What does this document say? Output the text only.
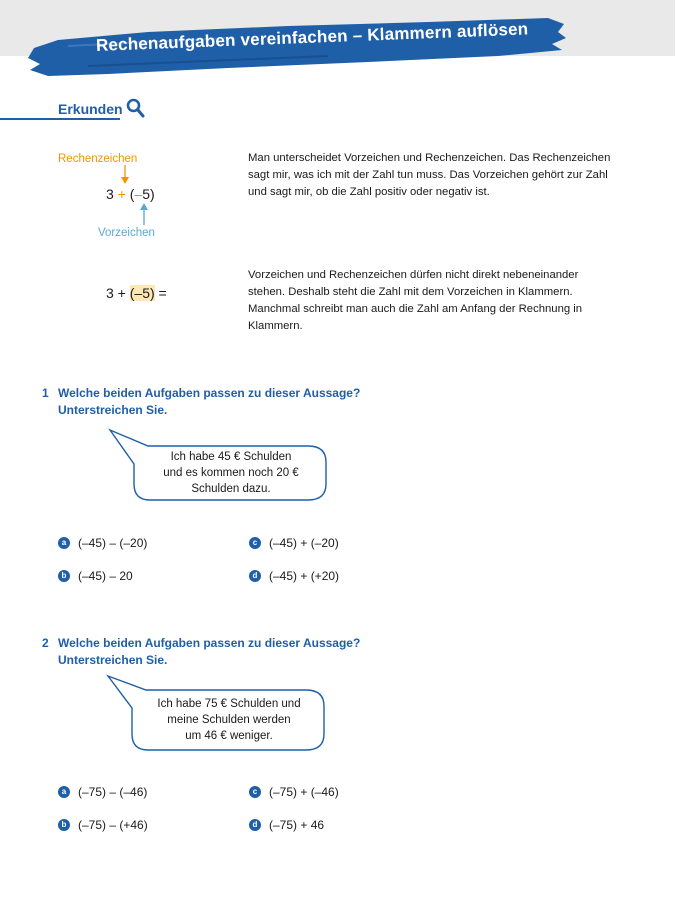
Rechenaufgaben vereinfachen – Klammern auflösen
Erkunden
Rechenzeichen
3 + (–5)
Vorzeichen
Man unterscheidet Vorzeichen und Rechenzeichen. Das Rechenzeichen sagt mir, was ich mit der Zahl tun muss. Das Vorzeichen gehört zur Zahl und sagt mir, ob die Zahl positiv oder negativ ist.
3 + (–5) =
Vorzeichen und Rechenzeichen dürfen nicht direkt nebeneinander stehen. Deshalb steht die Zahl mit dem Vorzeichen in Klammern. Manchmal schreibt man auch die Zahl am Anfang der Rechnung in Klammern.
1 Welche beiden Aufgaben passen zu dieser Aussage? Unterstreichen Sie.
Ich habe 45 € Schulden
und es kommen noch 20 €
Schulden dazu.
a (–45) – (–20)
b (–45) – 20
c (–45) + (–20)
d (–45) + (+20)
2 Welche beiden Aufgaben passen zu dieser Aussage? Unterstreichen Sie.
Ich habe 75 € Schulden und
meine Schulden werden
um 46 € weniger.
a (–75) – (–46)
b (–75) – (+46)
c (–75) + (–46)
d (–75) + 46
